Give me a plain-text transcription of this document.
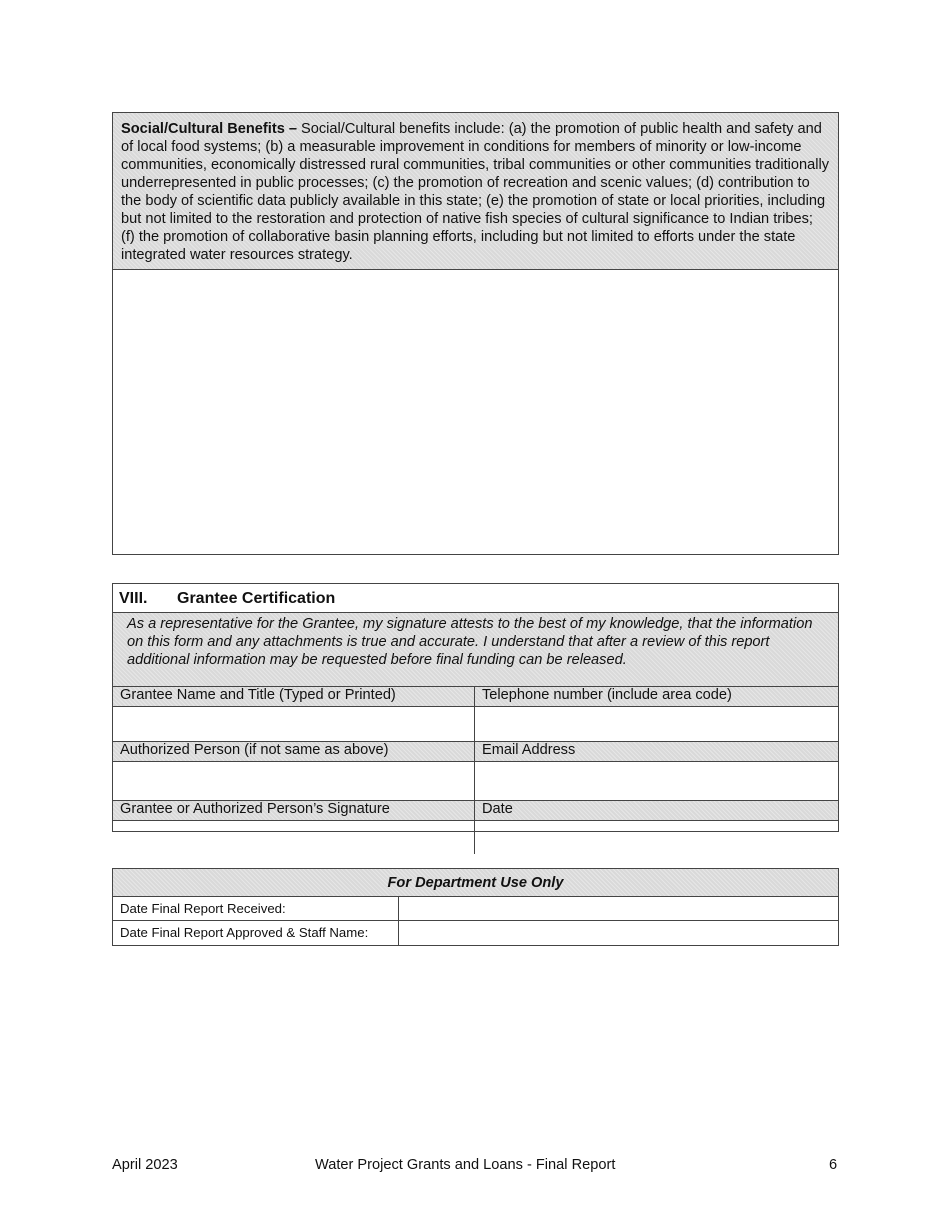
Social/Cultural Benefits – Social/Cultural benefits include: (a) the promotion of public health and safety and of local food systems; (b) a measurable improvement in conditions for members of minority or low-income communities, economically distressed rural communities, tribal communities or other communities traditionally underrepresented in public processes; (c) the promotion of recreation and scenic values; (d) contribution to the body of scientific data publicly available in this state; (e) the promotion of state or local priorities, including but not limited to the restoration and protection of native fish species of cultural significance to Indian tribes; (f) the promotion of collaborative basin planning efforts, including but not limited to efforts under the state integrated water resources strategy.
VIII. Grantee Certification
As a representative for the Grantee, my signature attests to the best of my knowledge, that the information on this form and any attachments is true and accurate. I understand that after a review of this report additional information may be requested before final funding can be released.
Grantee Name and Title (Typed or Printed)	Telephone number (include area code)
Authorized Person (if not same as above)	Email Address
Grantee or Authorized Person’s Signature	Date
For Department Use Only
Date Final Report Received:
Date Final Report Approved & Staff Name:
April 2023	Water Project Grants and Loans - Final Report	6
